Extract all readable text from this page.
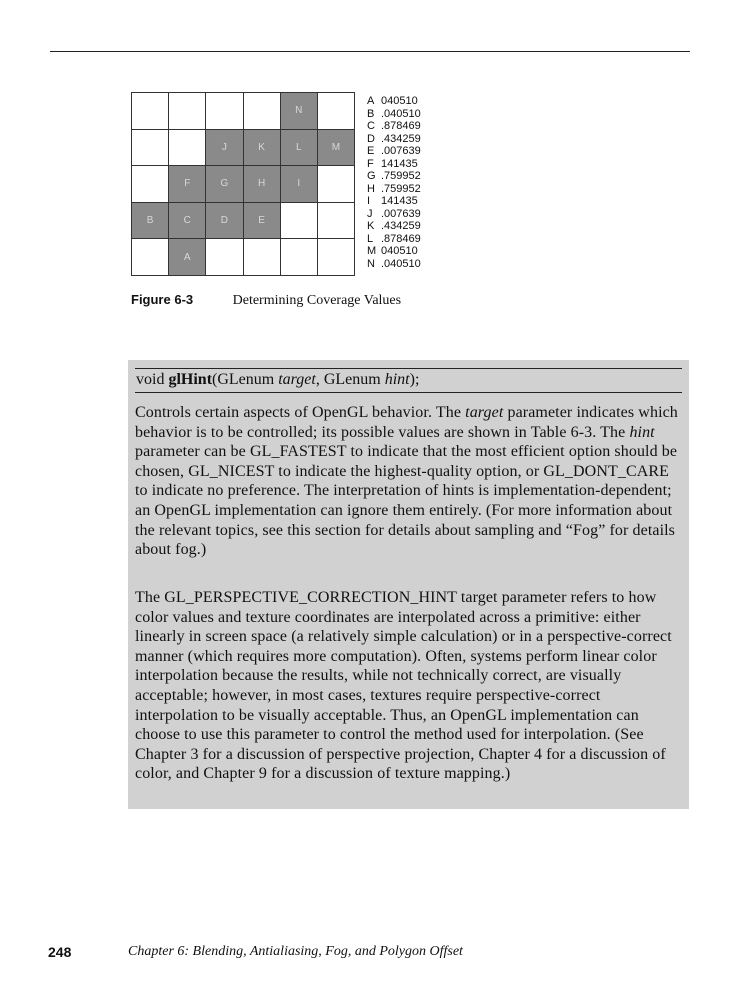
N
J	K	L	M
F	G	H	I
B	C	D	E
A
A 040510
B .040510
C .878469
D .434259
E .007639
F 141435
G .759952
H .759952
I 141435
J .007639
K .434259
L .878469
M 040510
N .040510
Figure 6-3	Determining Coverage Values
void glHint(GLenum target, GLenum hint);

Controls certain aspects of OpenGL behavior. The target parameter indicates which behavior is to be controlled; its possible values are shown in Table 6-3. The hint parameter can be GL_FASTEST to indicate that the most efficient option should be chosen, GL_NICEST to indicate the highest-quality option, or GL_DONT_CARE to indicate no preference. The interpretation of hints is implementation-dependent; an OpenGL implementation can ignore them entirely. (For more information about the relevant topics, see this section for details about sampling and “Fog” for details about fog.)

The GL_PERSPECTIVE_CORRECTION_HINT target parameter refers to how color values and texture coordinates are interpolated across a primitive: either linearly in screen space (a relatively simple calculation) or in a perspective-correct manner (which requires more computation). Often, systems perform linear color interpolation because the results, while not technically correct, are visually acceptable; however, in most cases, textures require perspective-correct interpolation to be visually acceptable. Thus, an OpenGL implementation can choose to use this parameter to control the method used for interpolation. (See Chapter 3 for a discussion of perspective projection, Chapter 4 for a discussion of color, and Chapter 9 for a discussion of texture mapping.)

248	Chapter 6: Blending, Antialiasing, Fog, and Polygon Offset
